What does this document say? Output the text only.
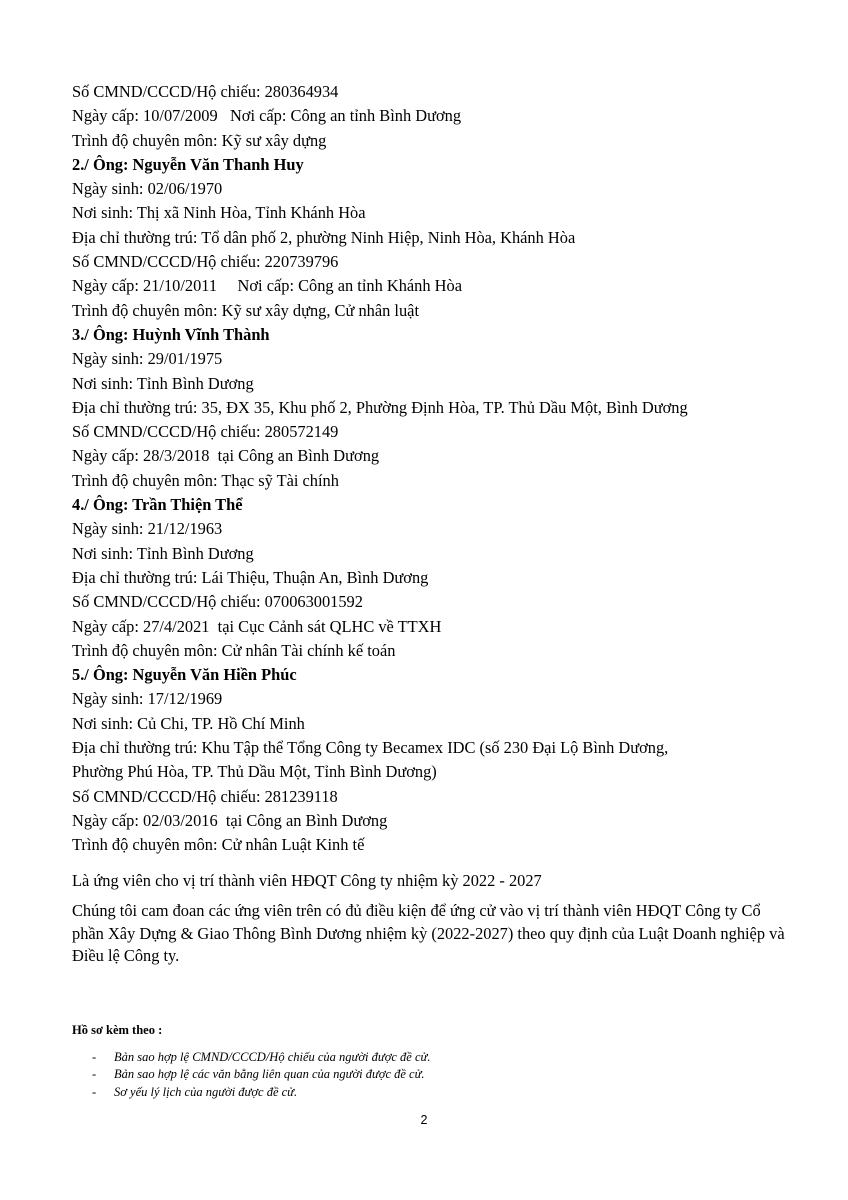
Số CMND/CCCD/Hộ chiếu: 280364934
Ngày cấp: 10/07/2009   Nơi cấp: Công an tỉnh Bình Dương
Trình độ chuyên môn: Kỹ sư xây dựng
2./ Ông: Nguyễn Văn Thanh Huy
Ngày sinh: 02/06/1970
Nơi sinh: Thị xã Ninh Hòa, Tỉnh Khánh Hòa
Địa chỉ thường trú: Tổ dân phố 2, phường Ninh Hiệp, Ninh Hòa, Khánh Hòa
Số CMND/CCCD/Hộ chiếu: 220739796
Ngày cấp: 21/10/2011     Nơi cấp: Công an tỉnh Khánh Hòa
Trình độ chuyên môn: Kỹ sư xây dựng, Cử nhân luật
3./ Ông: Huỳnh Vĩnh Thành
Ngày sinh: 29/01/1975
Nơi sinh: Tỉnh Bình Dương
Địa chỉ thường trú: 35, ĐX 35, Khu phố 2, Phường Định Hòa, TP. Thủ Dầu Một, Bình Dương
Số CMND/CCCD/Hộ chiếu: 280572149
Ngày cấp: 28/3/2018  tại Công an Bình Dương
Trình độ chuyên môn: Thạc sỹ Tài chính
4./ Ông: Trần Thiện Thể
Ngày sinh: 21/12/1963
Nơi sinh: Tỉnh Bình Dương
Địa chỉ thường trú: Lái Thiệu, Thuận An, Bình Dương
Số CMND/CCCD/Hộ chiếu: 070063001592
Ngày cấp: 27/4/2021  tại Cục Cảnh sát QLHC về TTXH
Trình độ chuyên môn: Cử nhân Tài chính kế toán
5./ Ông: Nguyễn Văn Hiền Phúc
Ngày sinh: 17/12/1969
Nơi sinh: Củ Chi, TP. Hồ Chí Minh
Địa chỉ thường trú: Khu Tập thể Tổng Công ty Becamex IDC (số 230 Đại Lộ Bình Dương,
Phường Phú Hòa, TP. Thủ Dầu Một, Tỉnh Bình Dương)
Số CMND/CCCD/Hộ chiếu: 281239118
Ngày cấp: 02/03/2016  tại Công an Bình Dương
Trình độ chuyên môn: Cử nhân Luật Kinh tế
Là ứng viên cho vị trí thành viên HĐQT Công ty nhiệm kỳ 2022 - 2027
Chúng tôi cam đoan các ứng viên trên có đủ điều kiện để ứng cử vào vị trí thành viên HĐQT Công ty Cổ phần Xây Dựng & Giao Thông Bình Dương nhiệm kỳ (2022-2027) theo quy định của Luật Doanh nghiệp và Điều lệ Công ty.
Hồ sơ kèm theo :
- Bản sao hợp lệ CMND/CCCD/Hộ chiếu của người được đề cử.
- Bản sao hợp lệ các văn bằng liên quan của người được đề cử.
- Sơ yếu lý lịch của người được đề cử.
2
